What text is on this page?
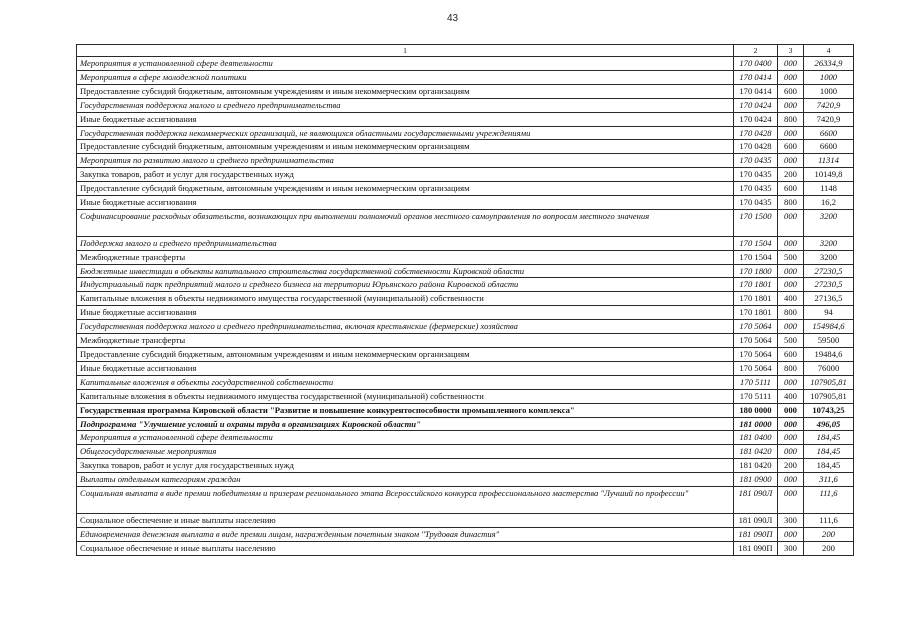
43
1	2	3	4
Мероприятия в установленной сфере деятельности	170 0400	000	26334,9
Мероприятия в сфере молодежной политики	170 0414	000	1000
Предоставление субсидий бюджетным, автономным учреждениям и иным некоммерческим организациям	170 0414	600	1000
Государственная поддержка малого и среднего предпринимательства	170 0424	000	7420,9
Иные бюджетные ассигнования	170 0424	800	7420,9
Государственная поддержка некоммерческих организаций, не являющихся областными государственными учреждениями	170 0428	000	6600
Предоставление субсидий бюджетным, автономным учреждениям и иным некоммерческим организациям	170 0428	600	6600
Мероприятия по развитию малого и среднего предпринимательства	170 0435	000	11314
Закупка товаров, работ и услуг для государственных нужд	170 0435	200	10149,8
Предоставление субсидий бюджетным, автономным учреждениям и иным некоммерческим организациям	170 0435	600	1148
Иные бюджетные ассигнования	170 0435	800	16,2
Софинансирование расходных обязательств, возникающих при выполнении полномочий органов местного самоуправления по вопросам местного значения	170 1500	000	3200
Поддержка малого и среднего предпринимательства	170 1504	000	3200
Межбюджетные трансферты	170 1504	500	3200
Бюджетные инвестиции в объекты капитального строительства государственной собственности Кировской области	170 1800	000	27230,5
Индустриальный парк предприятий малого и среднего бизнеса на территории Юрьянского района Кировской области	170 1801	000	27230,5
Капитальные вложения в объекты недвижимого имущества государственной (муниципальной) собственности	170 1801	400	27136,5
Иные бюджетные ассигнования	170 1801	800	94
Государственная поддержка малого и среднего предпринимательства, включая крестьянские (фермерские) хозяйства	170 5064	000	154984,6
Межбюджетные трансферты	170 5064	500	59500
Предоставление субсидий бюджетным, автономным учреждениям и иным некоммерческим организациям	170 5064	600	19484,6
Иные бюджетные ассигнования	170 5064	800	76000
Капитальные вложения в объекты государственной собственности	170 5111	000	107905,81
Капитальные вложения в объекты недвижимого имущества государственной (муниципальной) собственности	170 5111	400	107905,81
Государственная программа Кировской области "Развитие и повышение конкурентоспособности промышленного комплекса"	180 0000	000	10743,25
Подпрограмма "Улучшение условий и охраны труда в организациях Кировской области"	181 0000	000	496,05
Мероприятия в установленной сфере деятельности	181 0400	000	184,45
Общегосударственные мероприятия	181 0420	000	184,45
Закупка товаров, работ и услуг для государственных нужд	181 0420	200	184,45
Выплаты отдельным категориям граждан	181 0900	000	311,6
Социальная выплата в виде премии победителям и призерам регионального этапа Всероссийского конкурса профессионального мастерства "Лучший по профессии"	181 090Л	000	111,6
Социальное обеспечение и иные выплаты населению	181 090Л	300	111,6
Единовременная денежная выплата в виде премии лицам, награжденным почетным знаком "Трудовая династия"	181 090П	000	200
Социальное обеспечение и иные выплаты населению	181 090П	300	200
